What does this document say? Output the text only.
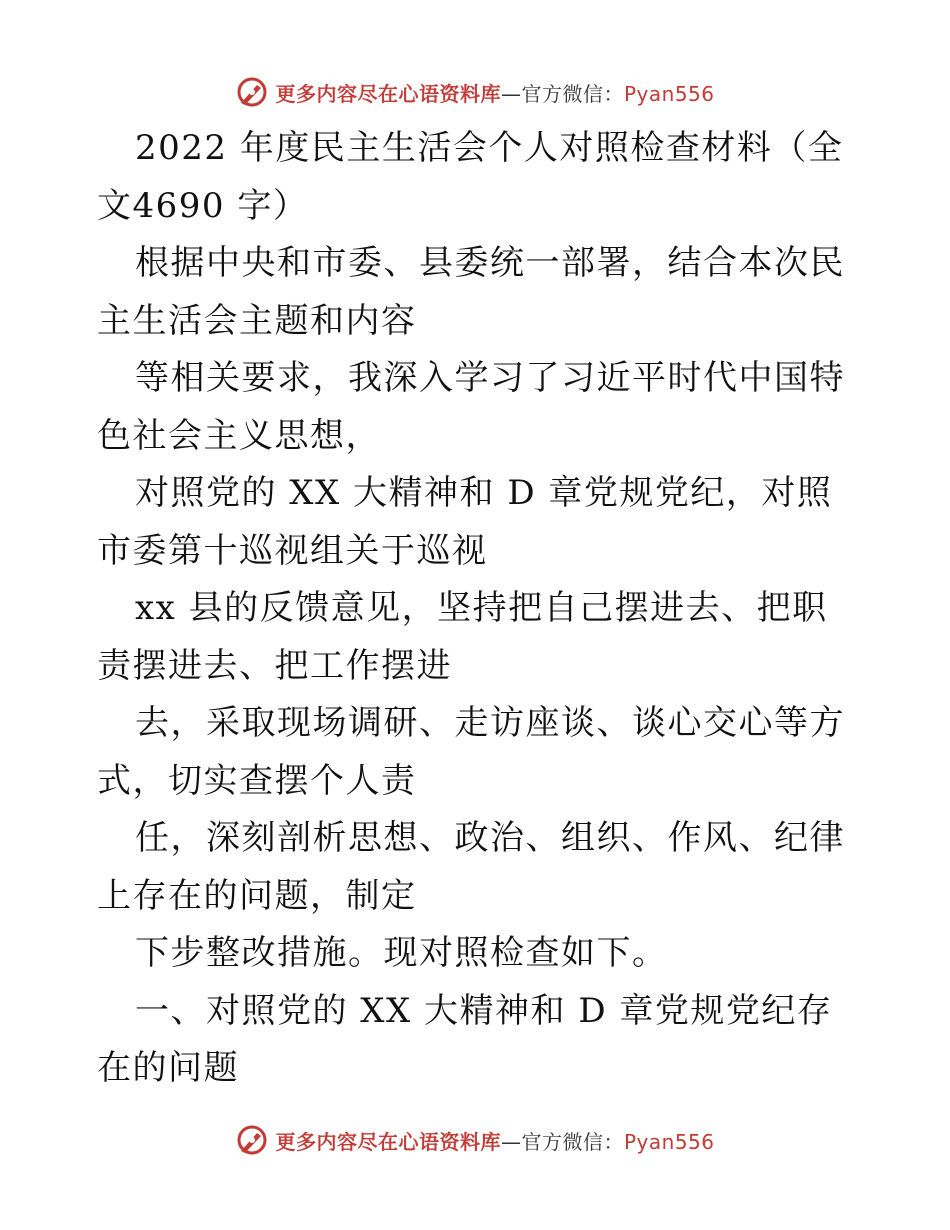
更多内容尽在心语资料库—官方微信：Pyan556

2022 年度民主生活会个人对照检查材料（全文4690 字）

根据中央和市委、县委统一部署，结合本次民主生活会主题和内容

等相关要求，我深入学习了习近平时代中国特色社会主义思想，

对照党的 XX 大精神和 D 章党规党纪，对照市委第十巡视组关于巡视

xx 县的反馈意见，坚持把自己摆进去、把职责摆进去、把工作摆进

去，采取现场调研、走访座谈、谈心交心等方式，切实查摆个人责

任，深刻剖析思想、政治、组织、作风、纪律上存在的问题，制定

下步整改措施。现对照检查如下。

一、对照党的 XX 大精神和 D 章党规党纪存在的问题

更多内容尽在心语资料库—官方微信：Pyan556
